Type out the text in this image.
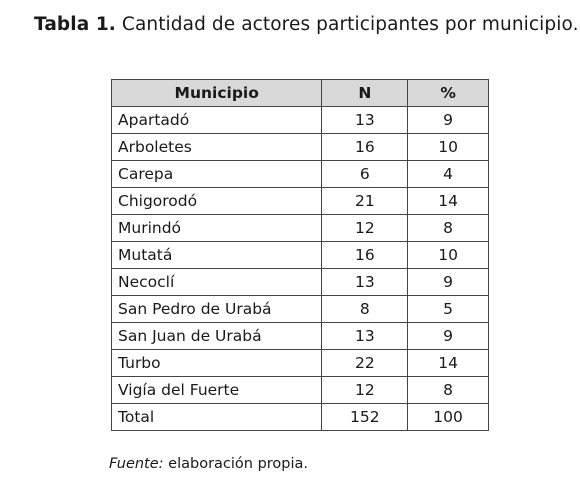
Tabla 1. Cantidad de actores participantes por municipio.
Municipio	N	%
Apartadó	13	9
Arboletes	16	10
Carepa	6	4
Chigorodó	21	14
Murindó	12	8
Mutatá	16	10
Necoclí	13	9
San Pedro de Urabá	8	5
San Juan de Urabá	13	9
Turbo	22	14
Vigía del Fuerte	12	8
Total	152	100
Fuente: elaboración propia.
